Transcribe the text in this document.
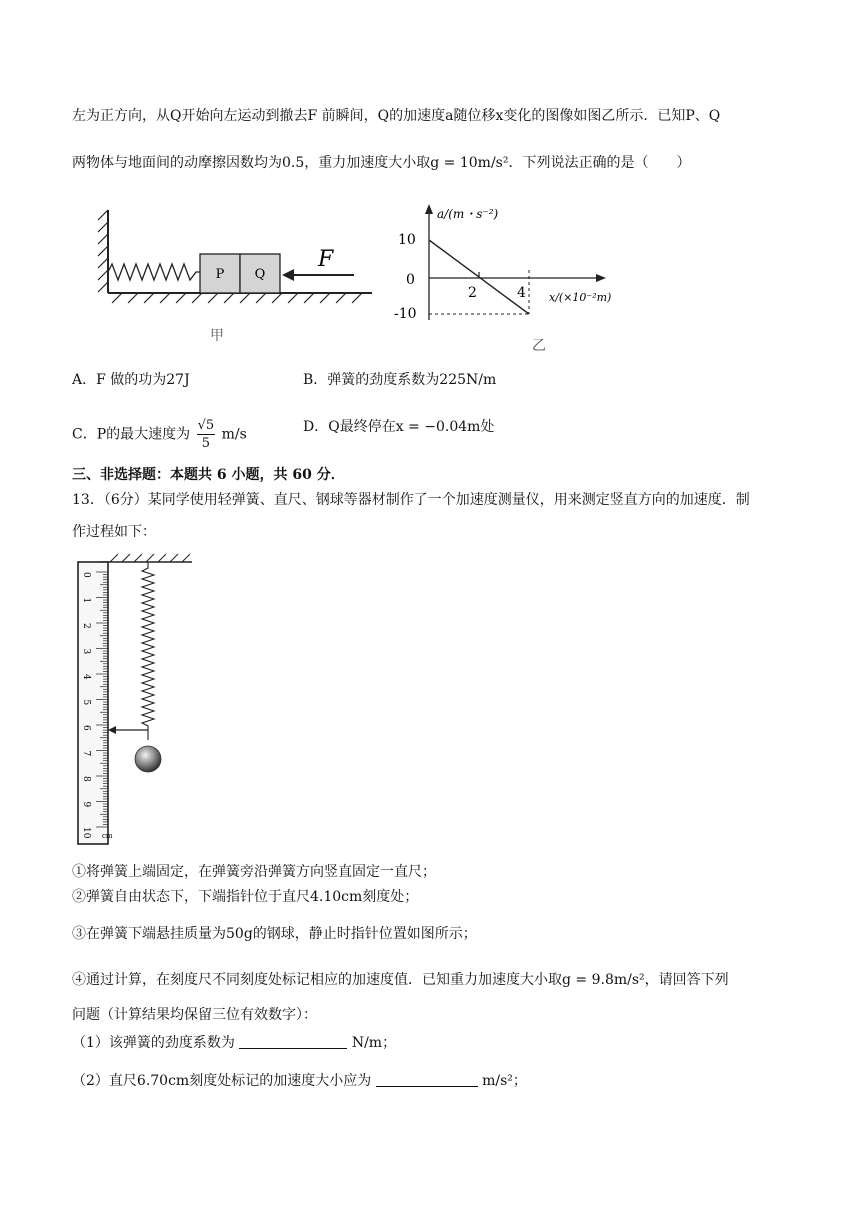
左为正方向，从Q开始向左运动到撤去F 前瞬间，Q的加速度a随位移x变化的图像如图乙所示．已知P、Q
两物体与地面间的动摩擦因数均为0.5，重力加速度大小取g = 10m/s²．下列说法正确的是（　　）
P Q
F
甲
a/(m・s⁻²)
10
0
-10
2	4 x/(×10⁻²m)
乙
A．F 做的功为27J	B．弹簧的劲度系数为225N/m
C．P的最大速度为 $\frac{√5}{5} m/s$	D．Q最终停在x = −0.04m处
三、非选择题：本题共 6 小题，共 60 分．
13．（6分）某同学使用轻弹簧、直尺、钢球等器材制作了一个加速度测量仪，用来测定竖直方向的加速度．制
作过程如下：
0
1
2
3
4
5
6
7
8
9
10 cm
①将弹簧上端固定，在弹簧旁沿弹簧方向竖直固定一直尺；
②弹簧自由状态下，下端指针位于直尺4.10cm刻度处；
③在弹簧下端悬挂质量为50g的钢球，静止时指针位置如图所示；
④通过计算，在刻度尺不同刻度处标记相应的加速度值．已知重力加速度大小取g = 9.8m/s²，请回答下列
问题（计算结果均保留三位有效数字）：
（1）该弹簧的劲度系数为	N/m；
（2）直尺6.70cm刻度处标记的加速度大小应为	m/s²；
